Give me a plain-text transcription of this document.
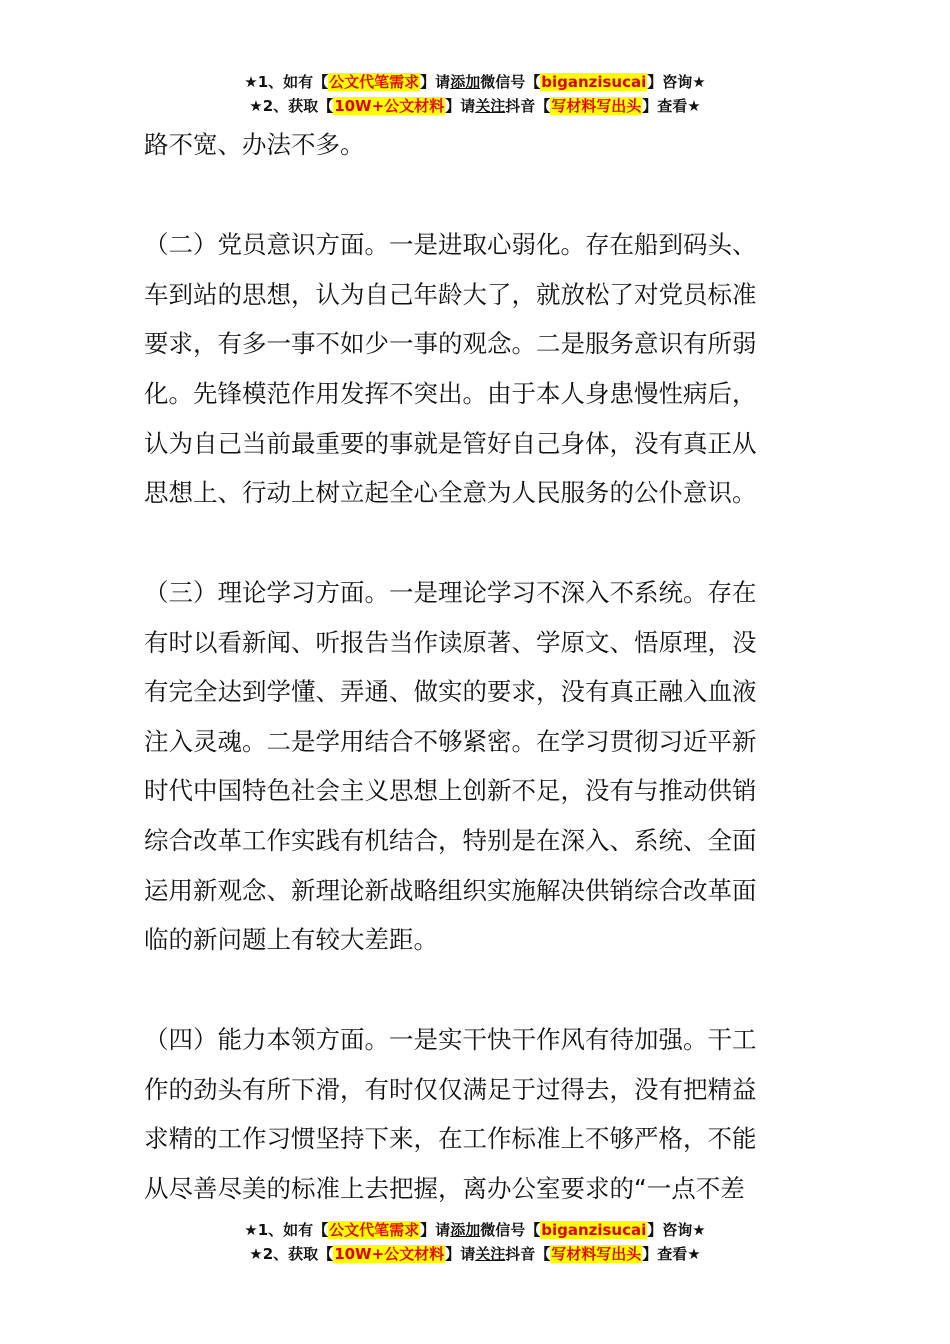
★1、如有【公文代笔需求】请添加微信号【biganzisucai】咨询★
★2、获取【10W+公文材料】请关注抖音【写材料写出头】查看★
路不宽、办法不多。
（二）党员意识方面。一是进取心弱化。存在船到码头、
车到站的思想，认为自己年龄大了，就放松了对党员标准
要求，有多一事不如少一事的观念。二是服务意识有所弱
化。先锋模范作用发挥不突出。由于本人身患慢性病后，
认为自己当前最重要的事就是管好自己身体，没有真正从
思想上、行动上树立起全心全意为人民服务的公仆意识。
（三）理论学习方面。一是理论学习不深入不系统。存在
有时以看新闻、听报告当作读原著、学原文、悟原理，没
有完全达到学懂、弄通、做实的要求，没有真正融入血液
注入灵魂。二是学用结合不够紧密。在学习贯彻习近平新
时代中国特色社会主义思想上创新不足，没有与推动供销
综合改革工作实践有机结合，特别是在深入、系统、全面
运用新观念、新理论新战略组织实施解决供销综合改革面
临的新问题上有较大差距。
（四）能力本领方面。一是实干快干作风有待加强。干工
作的劲头有所下滑，有时仅仅满足于过得去，没有把精益
求精的工作习惯坚持下来，在工作标准上不够严格，不能
从尽善尽美的标准上去把握，离办公室要求的“一点不差
★1、如有【公文代笔需求】请添加微信号【biganzisucai】咨询★
★2、获取【10W+公文材料】请关注抖音【写材料写出头】查看★
